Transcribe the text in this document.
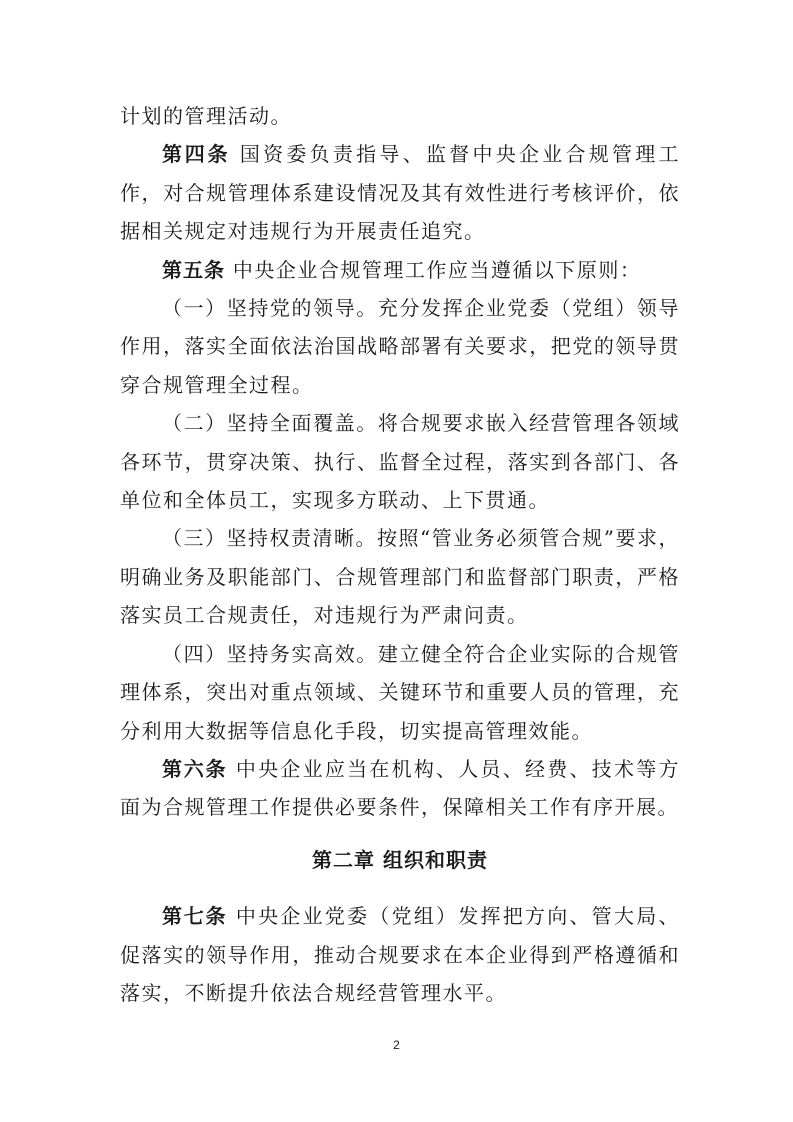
计划的管理活动。

第四条 国资委负责指导、监督中央企业合规管理工作，对合规管理体系建设情况及其有效性进行考核评价，依据相关规定对违规行为开展责任追究。

第五条 中央企业合规管理工作应当遵循以下原则：

（一）坚持党的领导。充分发挥企业党委（党组）领导作用，落实全面依法治国战略部署有关要求，把党的领导贯穿合规管理全过程。

（二）坚持全面覆盖。将合规要求嵌入经营管理各领域各环节，贯穿决策、执行、监督全过程，落实到各部门、各单位和全体员工，实现多方联动、上下贯通。

（三）坚持权责清晰。按照“管业务必须管合规”要求，明确业务及职能部门、合规管理部门和监督部门职责，严格落实员工合规责任，对违规行为严肃问责。

（四）坚持务实高效。建立健全符合企业实际的合规管理体系，突出对重点领域、关键环节和重要人员的管理，充分利用大数据等信息化手段，切实提高管理效能。

第六条 中央企业应当在机构、人员、经费、技术等方面为合规管理工作提供必要条件，保障相关工作有序开展。

第二章 组织和职责

第七条 中央企业党委（党组）发挥把方向、管大局、促落实的领导作用，推动合规要求在本企业得到严格遵循和落实，不断提升依法合规经营管理水平。

2
